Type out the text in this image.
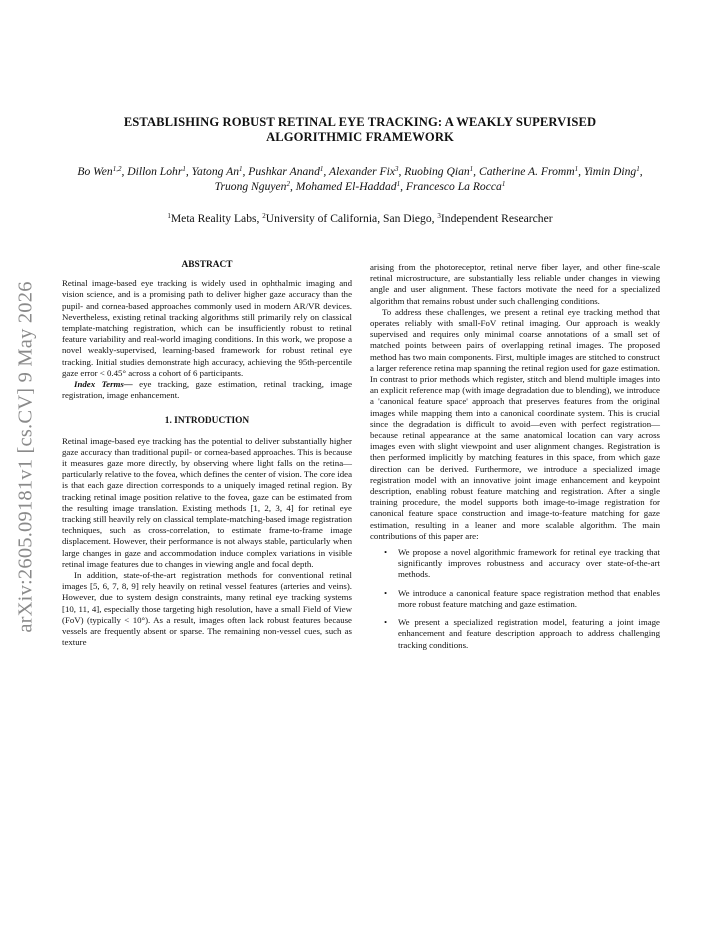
arXiv:2605.09181v1 [cs.CV] 9 May 2026
ESTABLISHING ROBUST RETINAL EYE TRACKING: A WEAKLY SUPERVISED ALGORITHMIC FRAMEWORK
Bo Wen$^{1,2}$, Dillon Lohr$^1$, Yatong An$^1$, Pushkar Anand$^1$, Alexander Fix$^3$, Ruobing Qian$^1$, Catherine A. Fromm$^1$, Yimin Ding$^1$, Truong Nguyen$^2$, Mohamed El-Haddad$^1$, Francesco La Rocca$^1$
$^1$Meta Reality Labs, $^2$University of California, San Diego, $^3$Independent Researcher
ABSTRACT

Retinal image-based eye tracking is widely used in ophthalmic imaging and vision science, and is a promising path to deliver higher gaze accuracy than the pupil- and cornea-based approaches commonly used in modern AR/VR devices. Nevertheless, existing retinal tracking algorithms still primarily rely on classical template-matching registration, which can be insufficiently robust to retinal feature variability and real-world imaging conditions. In this work, we propose a novel weakly-supervised, learning-based framework for robust retinal eye tracking. Initial studies demonstrate high accuracy, achieving the 95th-percentile gaze error < 0.45° across a cohort of 6 participants.

Index Terms— eye tracking, gaze estimation, retinal tracking, image registration, image enhancement.

1. INTRODUCTION

Retinal image-based eye tracking has the potential to deliver substantially higher gaze accuracy than traditional pupil- or cornea-based approaches. This is because it measures gaze more directly, by observing where light falls on the retina—particularly relative to the fovea, which defines the center of vision. The core idea is that each gaze direction corresponds to a uniquely imaged retinal region. By tracking retinal image position relative to the fovea, gaze can be estimated from the resulting image translation. Existing methods [1, 2, 3, 4] for retinal eye tracking still heavily rely on classical template-matching-based image registration techniques, such as cross-correlation, to estimate frame-to-frame image displacement. However, their performance is not always stable, particularly when large changes in gaze and accommodation induce complex variations in visible retinal image features due to changes in viewing angle and focal depth.

In addition, state-of-the-art registration methods for conventional retinal images [5, 6, 7, 8, 9] rely heavily on retinal vessel features (arteries and veins). However, due to system design constraints, many retinal eye tracking systems [10, 11, 4], especially those targeting high resolution, have a small Field of View (FoV) (typically < 10°). As a result, images often lack robust features because vessels are frequently absent or sparse. The remaining non-vessel cues, such as texture

arising from the photoreceptor, retinal nerve fiber layer, and other fine-scale retinal microstructure, are substantially less reliable under changes in viewing angle and user alignment. These factors motivate the need for a specialized algorithm that remains robust under such challenging conditions.

To address these challenges, we present a retinal eye tracking method that operates reliably with small-FoV retinal imaging. Our approach is weakly supervised and requires only minimal coarse annotations of a small set of matched points between pairs of overlapping retinal images. The proposed method has two main components. First, multiple images are stitched to construct a larger reference retina map spanning the retinal region used for gaze estimation. In contrast to prior methods which register, stitch and blend multiple images into an explicit reference map (with image degradation due to blending), we introduce a 'canonical feature space' approach that preserves features from the original images while mapping them into a canonical coordinate system. This is crucial since the degradation is difficult to avoid—even with perfect registration—because retinal appearance at the same anatomical location can vary across images even with slight viewpoint and user alignment changes. Registration is then performed implicitly by matching features in this space, from which gaze direction can be derived. Furthermore, we introduce a specialized image registration model with an innovative joint image enhancement and keypoint description, enabling robust feature matching and registration. After a single training procedure, the model supports both image-to-image registration for canonical feature space construction and image-to-feature matching for gaze estimation, resulting in a leaner and more scalable algorithm. The main contributions of this paper are:

• We propose a novel algorithmic framework for retinal eye tracking that significantly improves robustness and accuracy over state-of-the-art methods.
• We introduce a canonical feature space registration method that enables more robust feature matching and gaze estimation.
• We present a specialized registration model, featuring a joint image enhancement and feature description approach to address challenging tracking conditions.
